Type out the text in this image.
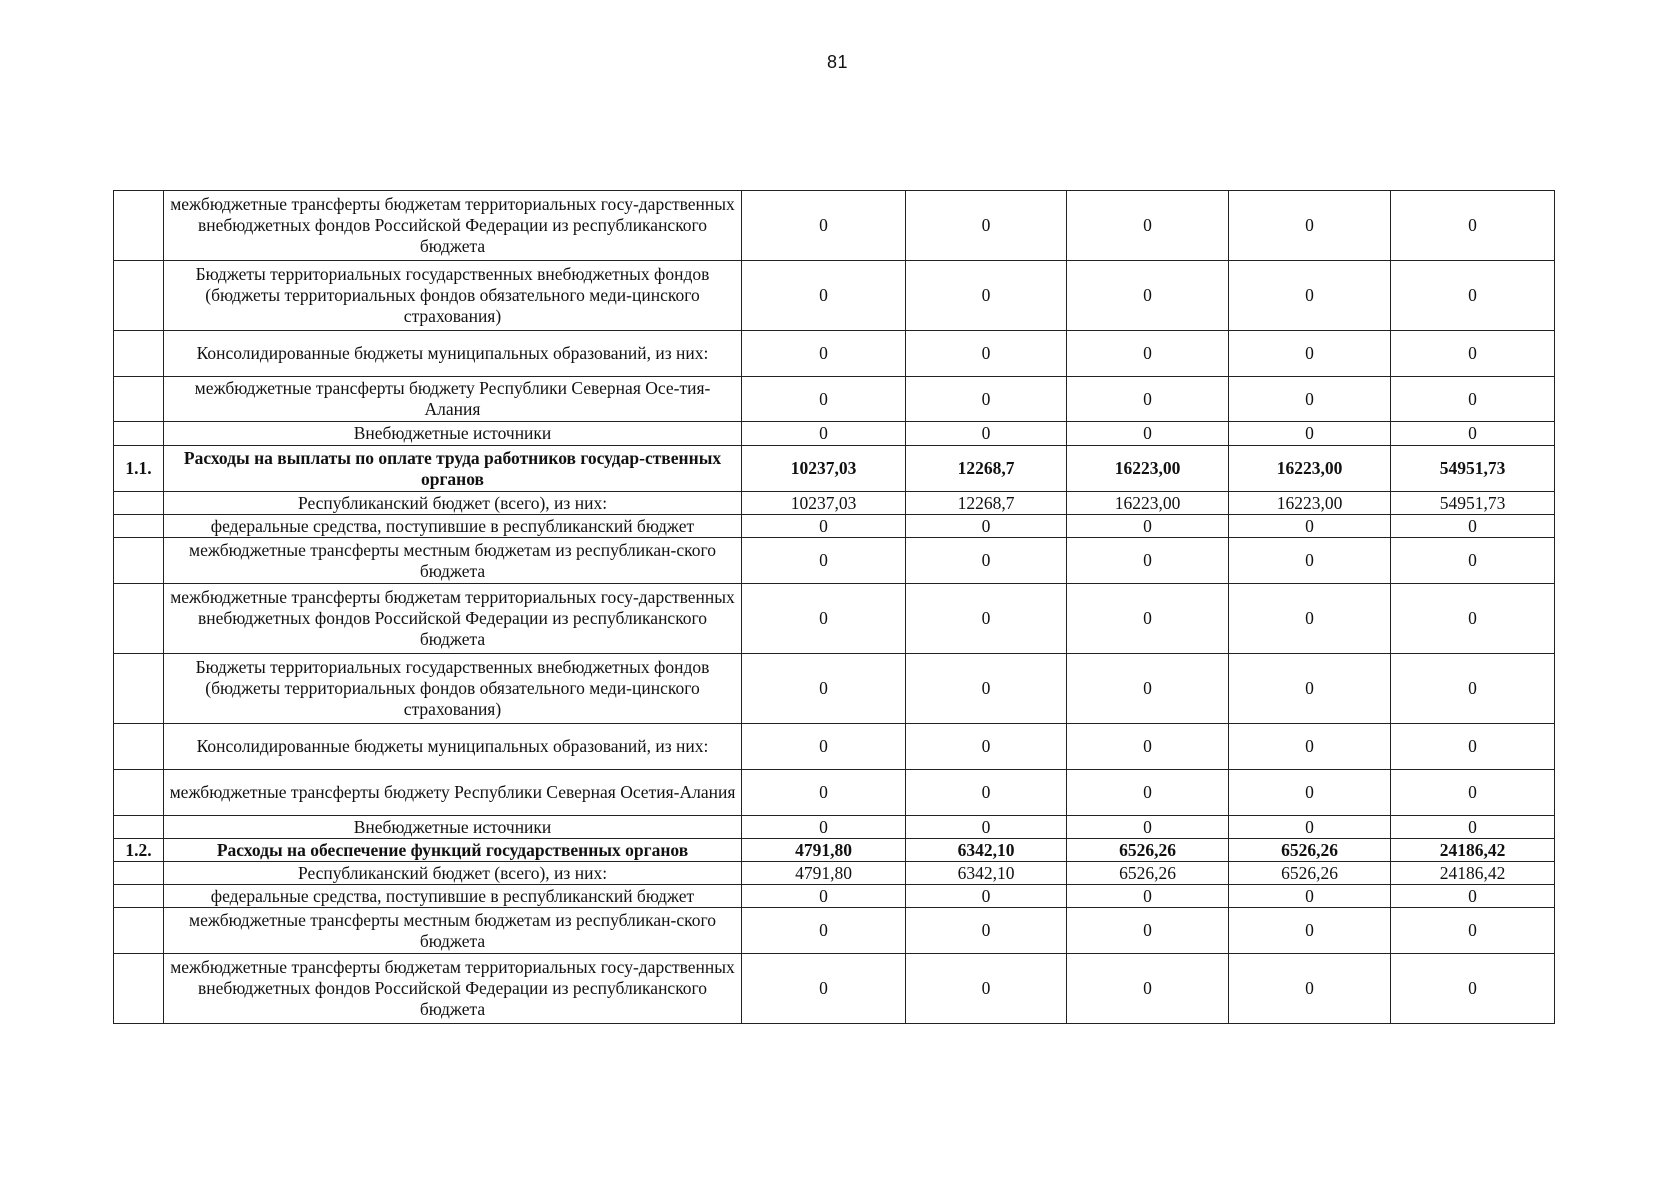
81
	межбюджетные трансферты бюджетам территориальных госу-дарственных внебюджетных фондов Российской Федерации из республиканского бюджета	0	0	0	0	0
	Бюджеты территориальных государственных внебюджетных фондов (бюджеты территориальных фондов обязательного меди-цинского страхования)	0	0	0	0	0
	Консолидированные бюджеты муниципальных образований, из них:	0	0	0	0	0
	межбюджетные трансферты бюджету Республики Северная Осе-тия-Алания	0	0	0	0	0
	Внебюджетные источники	0	0	0	0	0
1.1.	Расходы на выплаты по оплате труда работников государ-ственных органов	10237,03	12268,7	16223,00	16223,00	54951,73
	Республиканский бюджет (всего), из них:	10237,03	12268,7	16223,00	16223,00	54951,73
	федеральные средства, поступившие в республиканский бюджет	0	0	0	0	0
	межбюджетные трансферты местным бюджетам из республикан-ского бюджета	0	0	0	0	0
	межбюджетные трансферты бюджетам территориальных госу-дарственных внебюджетных фондов Российской Федерации из республиканского бюджета	0	0	0	0	0
	Бюджеты территориальных государственных внебюджетных фондов (бюджеты территориальных фондов обязательного меди-цинского страхования)	0	0	0	0	0
	Консолидированные бюджеты муниципальных образований, из них:	0	0	0	0	0
	межбюджетные трансферты бюджету Республики Северная Осетия-Алания	0	0	0	0	0
	Внебюджетные источники	0	0	0	0	0
1.2.	Расходы на обеспечение функций государственных органов	4791,80	6342,10	6526,26	6526,26	24186,42
	Республиканский бюджет (всего), из них:	4791,80	6342,10	6526,26	6526,26	24186,42
	федеральные средства, поступившие в республиканский бюджет	0	0	0	0	0
	межбюджетные трансферты местным бюджетам из республикан-ского бюджета	0	0	0	0	0
	межбюджетные трансферты бюджетам территориальных госу-дарственных внебюджетных фондов Российской Федерации из республиканского бюджета	0	0	0	0	0
